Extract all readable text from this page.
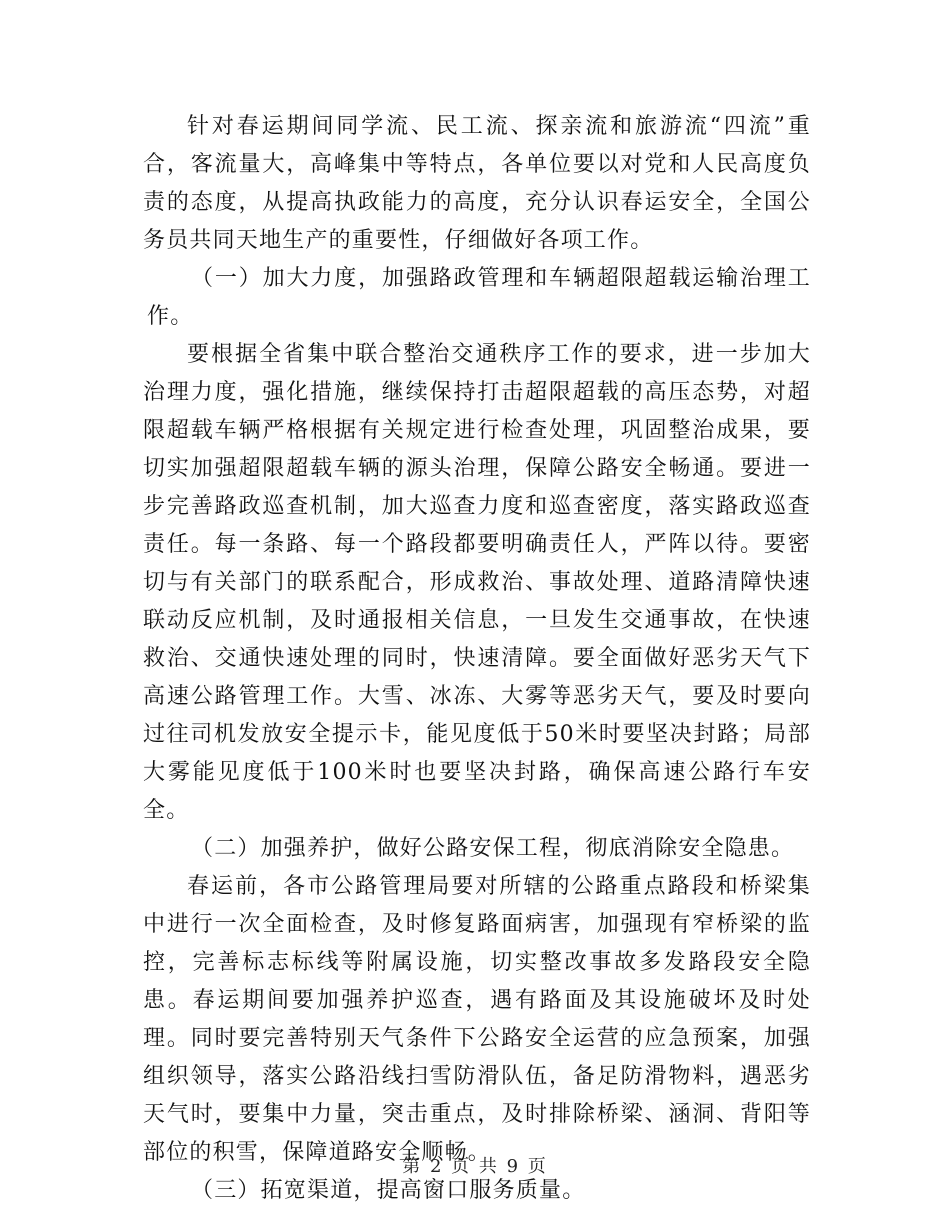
针对春运期间同学流、民工流、探亲流和旅游流“四流”重合，客流量大，高峰集中等特点，各单位要以对党和人民高度负责的态度，从提高执政能力的高度，充分认识春运安全，全国公务员共同天地生产的重要性，仔细做好各项工作。

（一）加大力度，加强路政管理和车辆超限超载运输治理工作。

要根据全省集中联合整治交通秩序工作的要求，进一步加大治理力度，强化措施，继续保持打击超限超载的高压态势，对超限超载车辆严格根据有关规定进行检查处理，巩固整治成果，要切实加强超限超载车辆的源头治理，保障公路安全畅通。要进一步完善路政巡查机制，加大巡查力度和巡查密度，落实路政巡查责任。每一条路、每一个路段都要明确责任人，严阵以待。要密切与有关部门的联系配合，形成救治、事故处理、道路清障快速联动反应机制，及时通报相关信息，一旦发生交通事故，在快速救治、交通快速处理的同时，快速清障。要全面做好恶劣天气下高速公路管理工作。大雪、冰冻、大雾等恶劣天气，要及时要向过往司机发放安全提示卡，能见度低于50米时要坚决封路；局部大雾能见度低于100米时也要坚决封路，确保高速公路行车安全。

（二）加强养护，做好公路安保工程，彻底消除安全隐患。

春运前，各市公路管理局要对所辖的公路重点路段和桥梁集中进行一次全面检查，及时修复路面病害，加强现有窄桥梁的监控，完善标志标线等附属设施，切实整改事故多发路段安全隐患。春运期间要加强养护巡查，遇有路面及其设施破坏及时处理。同时要完善特别天气条件下公路安全运营的应急预案，加强组织领导，落实公路沿线扫雪防滑队伍，备足防滑物料，遇恶劣天气时，要集中力量，突击重点，及时排除桥梁、涵洞、背阳等部位的积雪，保障道路安全顺畅。

（三）拓宽渠道，提高窗口服务质量。

第 2 页 共 9 页
